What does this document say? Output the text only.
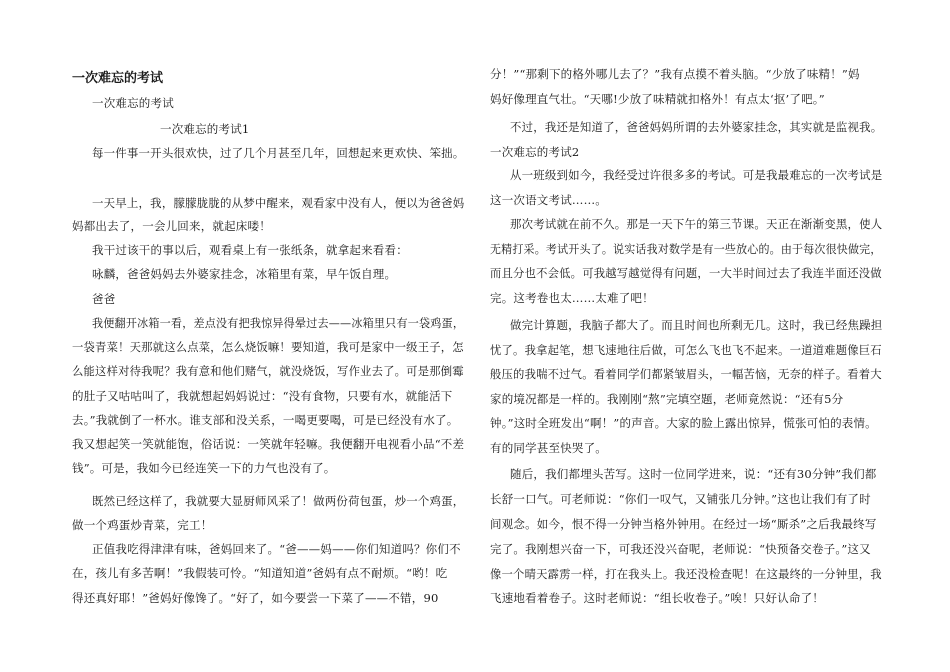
一次难忘的考试
一次难忘的考试
一次难忘的考试1
每一件事一开头很欢快，过了几个月甚至几年，回想起来更欢快、笨拙。
一天早上，我，朦朦胧胧的从梦中醒来，观看家中没有人，便以为爸爸妈
妈都出去了，一会儿回来，就起床喽！
我干过该干的事以后，观看桌上有一张纸条，就拿起来看看：
咏麟，爸爸妈妈去外婆家挂念，冰箱里有菜，早午饭自理。
爸爸
我便翻开冰箱一看，差点没有把我惊异得晕过去——冰箱里只有一袋鸡蛋，
一袋青菜！天那就这么点菜，怎么烧饭嘛！要知道，我可是家中一级王子，怎
么能这样对待我呢？我有意和他们赌气，就没烧饭，写作业去了。可是那倒霉
的肚子又咕咕叫了，我就想起妈妈说过：“没有食物，只要有水，就能活下
去。”我就倒了一杯水。谁支部和没关系，一喝更要喝，可是已经没有水了。
我又想起笑一笑就能饱，俗话说：一笑就年轻嘛。我便翻开电视看小品“不差
钱”。可是，我如今已经连笑一下的力气也没有了。
既然已经这样了，我就要大显厨师风采了！做两份荷包蛋，炒一个鸡蛋，
做一个鸡蛋炒青菜，完工！
正值我吃得津津有味，爸妈回来了。“爸——妈——你们知道吗？你们不
在，孩儿有多苦啊！”我假装可怜。“知道知道”爸妈有点不耐烦。“哟！吃
得还真好耶！”爸妈好像馋了。“好了，如今要尝一下菜了——不错，90
分！”“那剩下的格外哪儿去了？”我有点摸不着头脑。“少放了味精！”妈
妈好像理直气壮。“天哪!少放了味精就扣格外！有点太‘抠’了吧。”
不过，我还是知道了，爸爸妈妈所谓的去外婆家挂念，其实就是监视我。
一次难忘的考试2
从一班级到如今，我经受过许很多多的考试。可是我最难忘的一次考试是
这一次语文考试……。
那次考试就在前不久。那是一天下午的第三节课。天正在渐渐变黑，使人
无精打采。考试开头了。说实话我对数学是有一些放心的。由于每次很快做完，
而且分也不会低。可我越写越觉得有问题，一大半时间过去了我连半面还没做
完。这考卷也太……太难了吧！
做完计算题，我脑子都大了。而且时间也所剩无几。这时，我已经焦躁担
忧了。我拿起笔，想飞速地往后做，可怎么飞也飞不起来。一道道难题像巨石
般压的我喘不过气。看着同学们都紧皱眉头，一幅苦恼，无奈的样子。看着大
家的境况都是一样的。我刚刚“熬”完填空题，老师竟然说：“还有5分
钟。”这时全班发出“啊！”的声音。大家的脸上露出惊异，慌张可怕的表情。
有的同学甚至快哭了。
随后，我们都埋头苦写。这时一位同学进来，说：“还有30分钟”我们都
长舒一口气。可老师说：“你们一叹气，又铺张几分钟。”这也让我们有了时
间观念。如今，恨不得一分钟当格外钟用。在经过一场“厮杀”之后我最终写
完了。我刚想兴奋一下，可我还没兴奋呢，老师说：“快预备交卷子。”这又
像一个晴天霹雳一样，打在我头上。我还没检查呢！在这最终的一分钟里，我
飞速地看着卷子。这时老师说：“组长收卷子。”唉！只好认命了！
